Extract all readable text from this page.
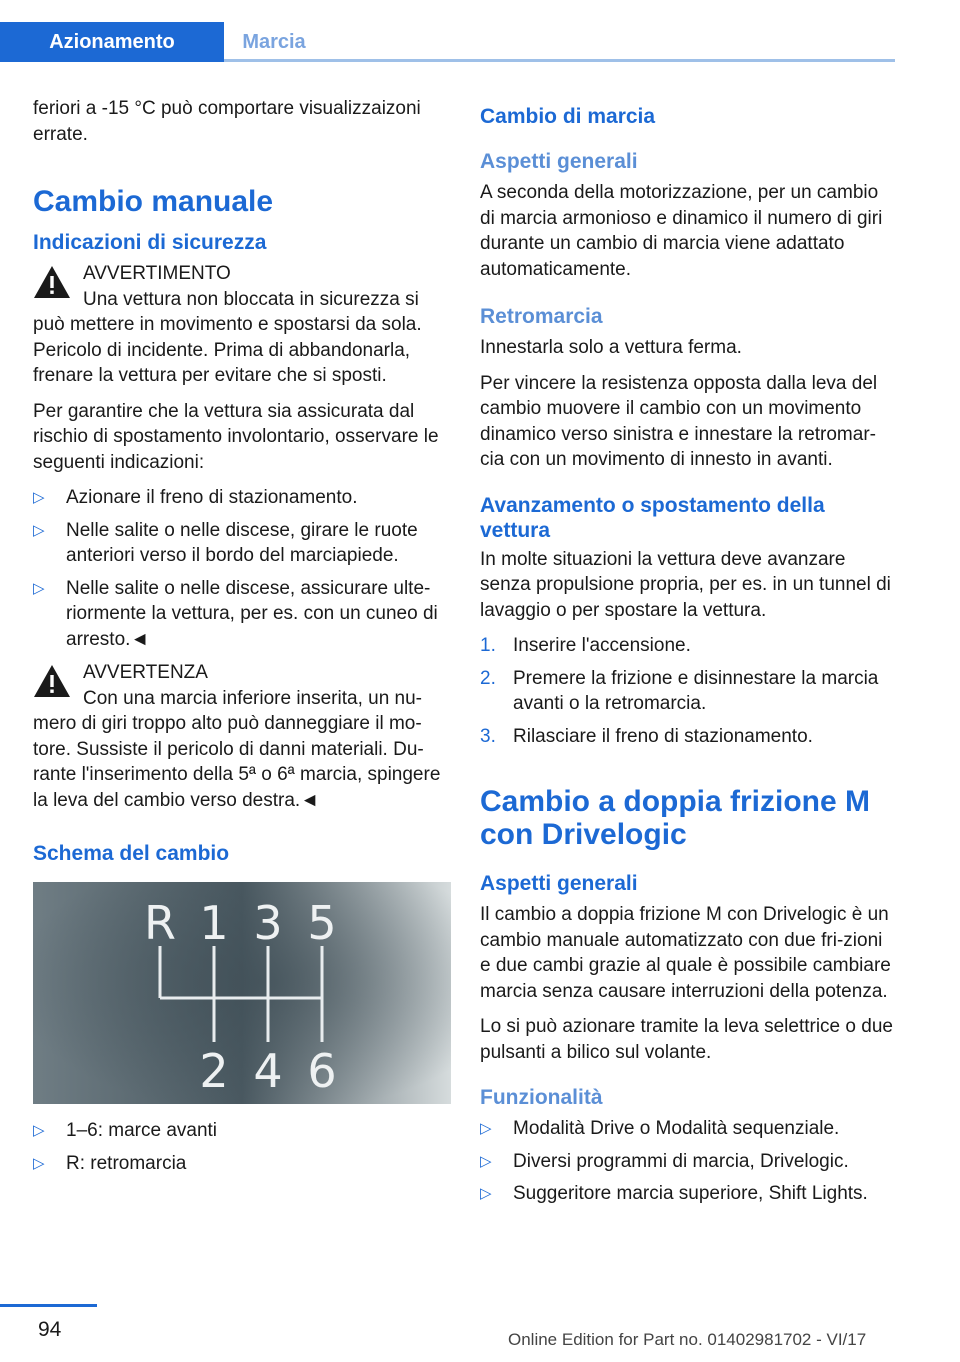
Azionamento	Marcia

feriori a -15 °C può comportare visualizzaizoni errate.

Cambio manuale
Indicazioni di sicurezza
AVVERTIMENTO
Una vettura non bloccata in sicurezza si può mettere in movimento e spostarsi da sola. Pericolo di incidente. Prima di abbandonarla, frenare la vettura per evitare che si sposti.

Per garantire che la vettura sia assicurata dal rischio di spostamento involontario, osservare le seguenti indicazioni:

▷ Azionare il freno di stazionamento.
▷ Nelle salite o nelle discese, girare le ruote anteriori verso il bordo del marciapiede.
▷ Nelle salite o nelle discese, assicurare ulte‐riormente la vettura, per es. con un cuneo di arresto.◄
AVVERTENZA
Con una marcia inferiore inserita, un nu‐mero di giri troppo alto può danneggiare il mo‐tore. Sussiste il pericolo di danni materiali. Du‐rante l'inserimento della 5ª o 6ª marcia, spingere la leva del cambio verso destra.◄
Schema del cambio
R 1 3 5
2 4 6
▷ 1–6: marce avanti
▷ R: retromarcia
Cambio di marcia
Aspetti generali

A seconda della motorizzazione, per un cambio di marcia armonioso e dinamico il numero di giri durante un cambio di marcia viene adattato automaticamente.

Retromarcia

Innestarla solo a vettura ferma.

Per vincere la resistenza opposta dalla leva del cambio muovere il cambio con un movimento dinamico verso sinistra e innestare la retromar‐cia con un movimento di innesto in avanti.

Avanzamento o spostamento della vettura

In molte situazioni la vettura deve avanzare senza propulsione propria, per es. in un tunnel di lavaggio o per spostare la vettura.

1. Inserire l'accensione.
2. Premere la frizione e disinnestare la marcia avanti o la retromarcia.
3. Rilasciare il freno di stazionamento.
Cambio a doppia frizione M con Drivelogic
Aspetti generali

Il cambio a doppia frizione M con Drivelogic è un cambio manuale automatizzato con due fri‐zioni e due cambi grazie al quale è possibile cambiare marcia senza causare interruzioni della potenza.

Lo si può azionare tramite la leva selettrice o due pulsanti a bilico sul volante.

Funzionalità
▷ Modalità Drive o Modalità sequenziale.
▷ Diversi programmi di marcia, Drivelogic.
▷ Suggeritore marcia superiore, Shift Lights.
94	Online Edition for Part no. 01402981702 - VI/17
